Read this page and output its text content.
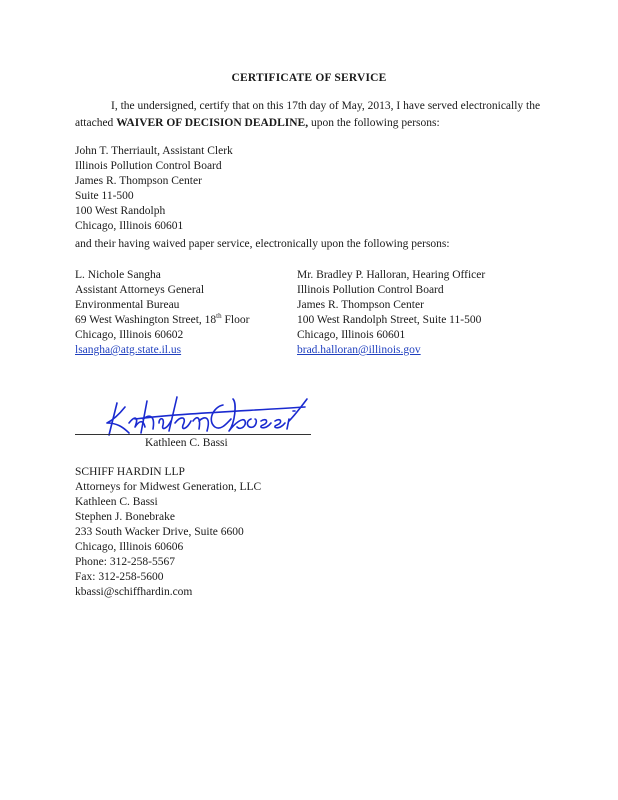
CERTIFICATE OF SERVICE
I, the undersigned, certify that on this 17th day of May, 2013, I have served electronically the attached WAIVER OF DECISION DEADLINE, upon the following persons:
John T. Therriault, Assistant Clerk
Illinois Pollution Control Board
James R. Thompson Center
Suite 11-500
100 West Randolph
Chicago, Illinois 60601
and their having waived paper service, electronically upon the following persons:
L. Nichole Sangha
Assistant Attorneys General
Environmental Bureau
69 West Washington Street, 18th Floor
Chicago, Illinois 60602
lsangha@atg.state.il.us
Mr. Bradley P. Halloran, Hearing Officer
Illinois Pollution Control Board
James R. Thompson Center
100 West Randolph Street, Suite 11-500
Chicago, Illinois 60601
brad.halloran@illinois.gov
Kathleen C. Bassi
SCHIFF HARDIN LLP
Attorneys for Midwest Generation, LLC
Kathleen C. Bassi
Stephen J. Bonebrake
233 South Wacker Drive, Suite 6600
Chicago, Illinois 60606
Phone: 312-258-5567
Fax: 312-258-5600
kbassi@schiffhardin.com
